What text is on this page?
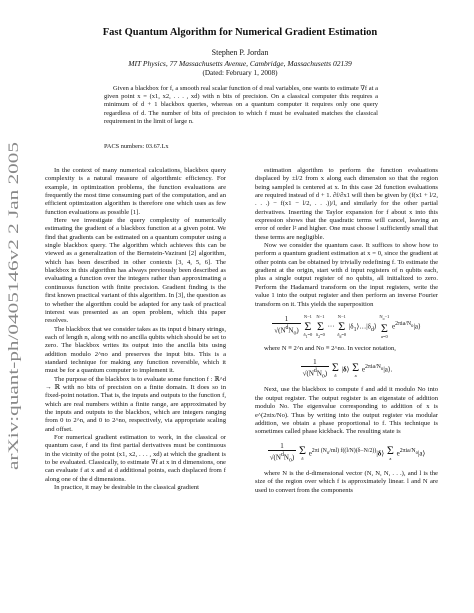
arXiv:quant-ph/0405146v2 2 Jan 2005
Fast Quantum Algorithm for Numerical Gradient Estimation
Stephen P. Jordan
MIT Physics, 77 Massachusetts Avenue, Cambridge, Massachusetts 02139
(Dated: February 1, 2008)
Given a blackbox for f, a smooth real scalar function of d real variables, one wants to estimate ∇f at a given point x = (x1, x2, . . . , xd) with n bits of precision. On a classical computer this requires a minimum of d + 1 blackbox queries, whereas on a quantum computer it requires only one query regardless of d. The number of bits of precision to which f must be evaluated matches the classical requirement in the limit of large n.
PACS numbers: 03.67.Lx

In the context of many numerical calculations, blackbox query complexity is a natural measure of algorithmic efficiency. For example, in optimization problems, the function evaluations are frequently the most time consuming part of the computation, and an efficient optimization algorithm is therefore one which uses as few function evaluations as possible [1].

Here we investigate the query complexity of numerically estimating the gradient of a blackbox function at a given point. We find that gradients can be estimated on a quantum computer using a single blackbox query. The algorithm which achieves this can be viewed as a generalization of the Bernstein-Vazirani [2] algorithm, which has been described in other contexts [3, 4, 5, 6]. The blackbox in this algorithm has always previously been described as evaluating a function over the integers rather than approximating a continuous function with finite precision. Gradient finding is the first known practical variant of this algorithm. In [3], the question as to whether the algorithm could be adapted for any task of practical interest was presented as an open problem, which this paper resolves.

The blackbox that we consider takes as its input d binary strings, each of length n, along with no ancilla qubits which should be set to zero. The blackbox writes its output into the ancilla bits using addition modulo 2^no and preserves the input bits. This is a standard technique for making any function reversible, which it must be for a quantum computer to implement it.

The purpose of the blackbox is to evaluate some function f : ℝ^d → ℝ with no bits of precision on a finite domain. It does so in fixed-point notation. That is, the inputs and outputs to the function f, which are real numbers within a finite range, are approximated by the inputs and outputs to the blackbox, which are integers ranging from 0 to 2^n, and 0 to 2^no, respectively, via appropriate scaling and offset.

For numerical gradient estimation to work, in the classical or quantum case, f and its first partial derivatives must be continuous in the vicinity of the point (x1, x2, . . . , xd) at which the gradient is to be evaluated. Classically, to estimate ∇f at x in d dimensions, one can evaluate f at x and at d additional points, each displaced from f along one of the d dimensions.

In practice, it may be desirable in the classical gradient

estimation algorithm to perform the function evaluations displaced by ±l/2 from x along each dimension so that the region being sampled is centered at x. In this case 2d function evaluations are required instead of d + 1. ∂f/∂x1 will then be given by (f(x1 + l/2, . . .) − f(x1 − l/2, . . .))/l, and similarly for the other partial derivatives. Inserting the Taylor expansion for f about x into this expression shows that the quadratic terms will cancel, leaving an error of order l² and higher. One must choose l sufficiently small that these terms are negligible.

Now we consider the quantum case. It suffices to show how to perform a quantum gradient estimation at x = 0, since the gradient at other points can be obtained by trivially redefining f. To estimate the gradient at the origin, start with d input registers of n qubits each, plus a single output register of no qubits, all initialized to zero. Perform the Hadamard transform on the input registers, write the value 1 into the output register and then perform an inverse Fourier transform on it. This yields the superposition

$\frac{1}{√(N^dN_o)}$
N−1
Σ
$\delta_1=0$

N−1
Σ
$\delta_2=0$
···
N−1
Σ
$\delta_d=0$
$|\delta_1⟩\dots|\delta_d⟩$
$N_o-1$
Σ
a=0
$e^{2\pi ia/N_o}|a⟩$

where N ≡ 2^n and No ≡ 2^no. In vector notation,

$\frac{1}{√(N^dN_o)}$
Σ
δ
|δ⟩ Σ
a
$e^{2\pi ia/N_o}|a⟩$.

Next, use the blackbox to compute f and add it modulo No into the output register. The output register is an eigenstate of addition modulo No. The eigenvalue corresponding to addition of x is e^(2πix/No). Thus by writing into the output register via modular addition, we obtain a phase proportional to f. This technique is sometimes called phase kickback. The resulting state is

$\frac{1}{√(N^dN_o)}$
Σ
δ
$e^{2\pi i (N_o/ml) f((l/N)(\delta-N/2))}|\delta⟩$ Σ
a
$e^{2\pi ia/N_o}|a⟩$

where N is the d-dimensional vector (N, N, N, . . .), and l is the size of the region over which f is approximately linear. l and N are used to convert from the components
